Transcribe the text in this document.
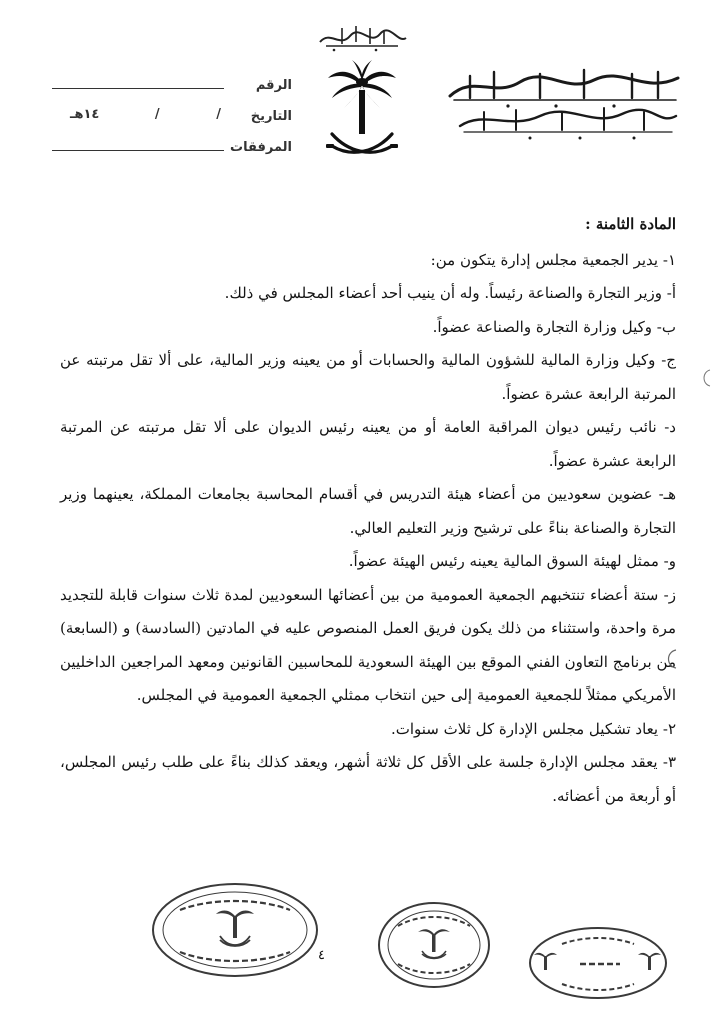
الرقم
التاريخ
/
/
١٤هـ
المرفقات
المادة الثامنة :

١- يدير الجمعية مجلس إدارة يتكون من:

أ- وزير التجارة والصناعة رئيساً. وله أن ينيب أحد أعضاء المجلس في ذلك.

ب- وكيل وزارة التجارة والصناعة عضواً.

ج- وكيل وزارة المالية للشؤون المالية والحسابات أو من يعينه وزير المالية، على ألا تقل مرتبته عن المرتبة الرابعة عشرة عضواً.

د- نائب رئيس ديوان المراقبة العامة أو من يعينه رئيس الديوان على ألا تقل مرتبته عن المرتبة الرابعة عشرة عضواً.

هـ- عضوين سعوديين من أعضاء هيئة التدريس في أقسام المحاسبة بجامعات المملكة، يعينهما وزير التجارة والصناعة بناءً على ترشيح وزير التعليم العالي.

و- ممثل لهيئة السوق المالية يعينه رئيس الهيئة عضواً.

ز- ستة أعضاء تنتخبهم الجمعية العمومية من بين أعضائها السعوديين لمدة ثلاث سنوات قابلة للتجديد مرة واحدة، واستثناء من ذلك يكون فريق العمل المنصوص عليه في المادتين (السادسة) و (السابعة) من برنامج التعاون الفني الموقع بين الهيئة السعودية للمحاسبين القانونين ومعهد المراجعين الداخليين الأمريكي ممثلاً للجمعية العمومية إلى حين انتخاب ممثلي الجمعية العمومية في المجلس.

٢- يعاد تشكيل مجلس الإدارة كل ثلاث سنوات.

٣- يعقد مجلس الإدارة جلسة على الأقل كل ثلاثة أشهر، ويعقد كذلك بناءً على طلب رئيس المجلس، أو أربعة من أعضائه.

٤
